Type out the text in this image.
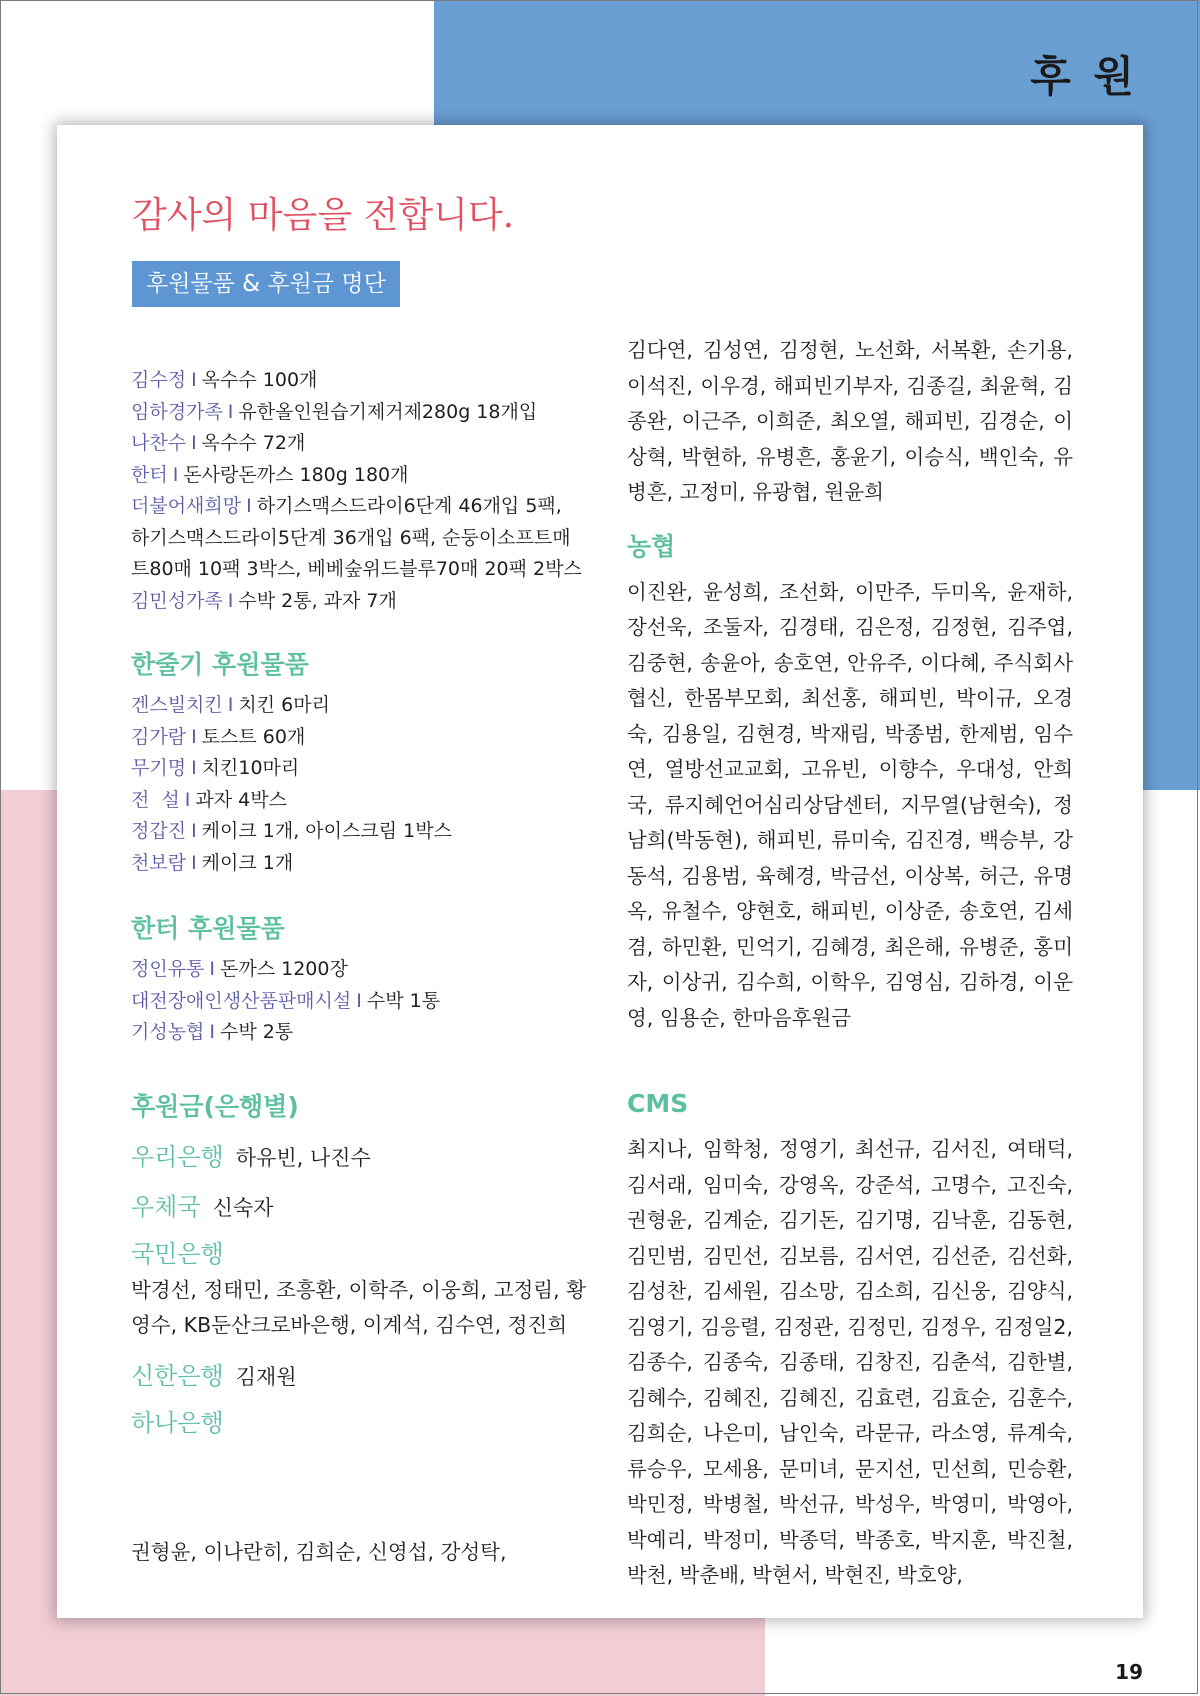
후 원
감사의 마음을 전합니다.
후원물품 & 후원금 명단
김수정 I 옥수수 100개
임하경가족 I 유한올인원습기제거제280g 18개입
나찬수 I 옥수수 72개
한터 I 돈사랑돈까스 180g 180개
더불어새희망 I 하기스맥스드라이6단계 46개입 5팩, 하기스맥스드라이5단계 36개입 6팩, 순둥이소프트매트80매 10팩 3박스, 베베숲위드블루70매 20팩 2박스
김민성가족 I 수박 2통, 과자 7개
한줄기 후원물품
겐스빌치킨 I 치킨 6마리
김가람 I 토스트 60개
무기명 I 치킨10마리
전  설 I 과자 4박스
정갑진 I 케이크 1개, 아이스크림 1박스
천보람 I 케이크 1개
한터 후원물품
정인유통 I 돈까스 1200장
대전장애인생산품판매시설 I 수박 1통
기성농협 I 수박 2통
후원금(은행별)

우리은행 하유빈, 나진수

우체국 신숙자

국민은행

박경선, 정태민, 조흥환, 이학주, 이웅희, 고정림, 황영수, KB둔산크로바은행, 이계석, 김수연, 정진희

신한은행 김재원

하나은행

권형윤, 이나란히, 김희순, 신영섭, 강성탁,

김다연, 김성연, 김정현, 노선화, 서복환, 손기용, 이석진, 이우경, 해피빈기부자, 김종길, 최윤혁, 김종완, 이근주, 이희준, 최오열, 해피빈, 김경순, 이상혁, 박현하, 유병흔, 홍윤기, 이승식, 백인숙, 유병흔, 고정미, 유광협, 원윤희

농협

이진완, 윤성희, 조선화, 이만주, 두미옥, 윤재하, 장선욱, 조둘자, 김경태, 김은정, 김정현, 김주엽, 김중현, 송윤아, 송호연, 안유주, 이다혜, 주식회사 협신, 한몸부모회, 최선홍, 해피빈, 박이규, 오경숙, 김용일, 김현경, 박재림, 박종범, 한제범, 임수연, 열방선교교회, 고유빈, 이향수, 우대성, 안희국, 류지혜언어심리상담센터, 지무열(남현숙), 정남희(박동현), 해피빈, 류미숙, 김진경, 백승부, 강동석, 김용범, 육혜경, 박금선, 이상복, 허근, 유명옥, 유철수, 양현호, 해피빈, 이상준, 송호연, 김세겸, 하민환, 민억기, 김혜경, 최은해, 유병준, 홍미자, 이상귀, 김수희, 이학우, 김영심, 김하경, 이운영, 임용순, 한마음후원금

CMS

최지나, 임학청, 정영기, 최선규, 김서진, 여태덕, 김서래, 임미숙, 강영옥, 강준석, 고명수, 고진숙, 권형윤, 김계순, 김기돈, 김기명, 김낙훈, 김동현, 김민범, 김민선, 김보름, 김서연, 김선준, 김선화, 김성찬, 김세원, 김소망, 김소희, 김신웅, 김양식, 김영기, 김응렬, 김정관, 김정민, 김정우, 김정일2, 김종수, 김종숙, 김종태, 김창진, 김춘석, 김한별, 김혜수, 김혜진, 김혜진, 김효련, 김효순, 김훈수, 김희순, 나은미, 남인숙, 라문규, 라소영, 류계숙, 류승우, 모세용, 문미녀, 문지선, 민선희, 민승환, 박민정, 박병철, 박선규, 박성우, 박영미, 박영아, 박예리, 박정미, 박종덕, 박종호, 박지훈, 박진철, 박천, 박춘배, 박현서, 박현진, 박호양,

19
